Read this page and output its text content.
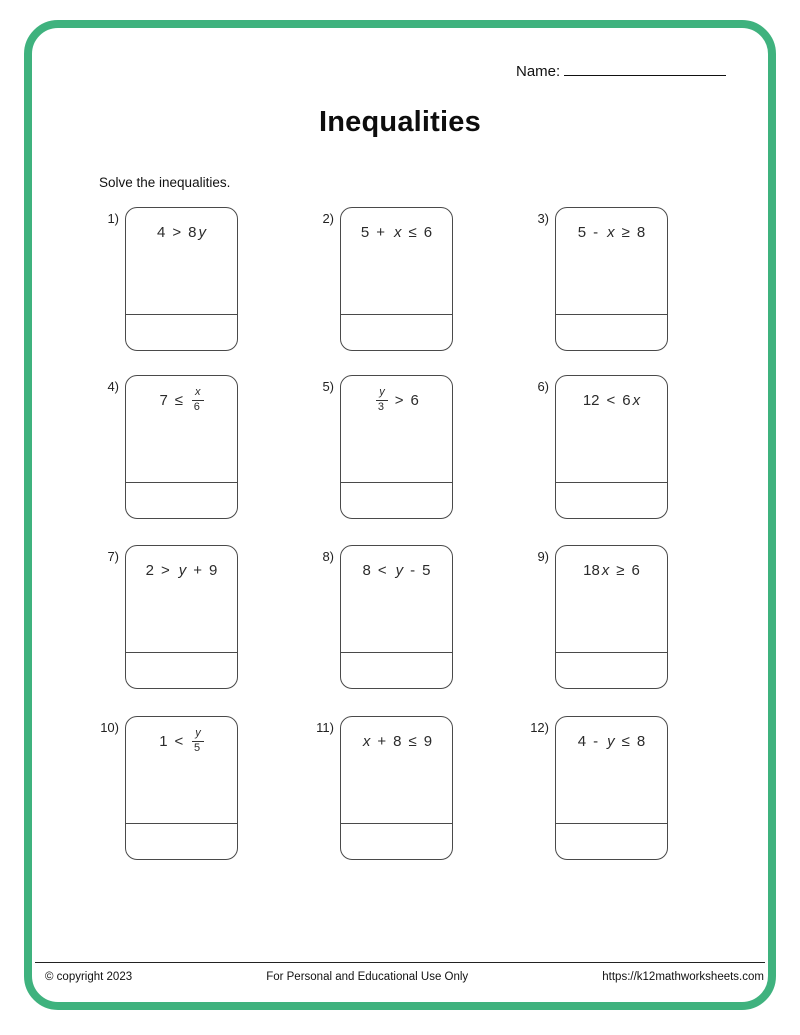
Name:
Inequalities
Solve the inequalities.
1)
4 > 8 y
2)
5 + x ≤ 6
3)
5 - x ≥ 8
4)
$7 \le \frac{x}{6}$	5)	$\frac{y}{3} > 6$
6)
12 < 6 x
7)
2 > y + 9
8)
8 < y - 5
9)
18 x ≥ 6
10)
$1 < \frac{y}{5}$	11)
x + 8 ≤ 9
12)
4 - y ≤ 8
© copyright 2023	For Personal and Educational Use Only	https://k12mathworksheets.com
